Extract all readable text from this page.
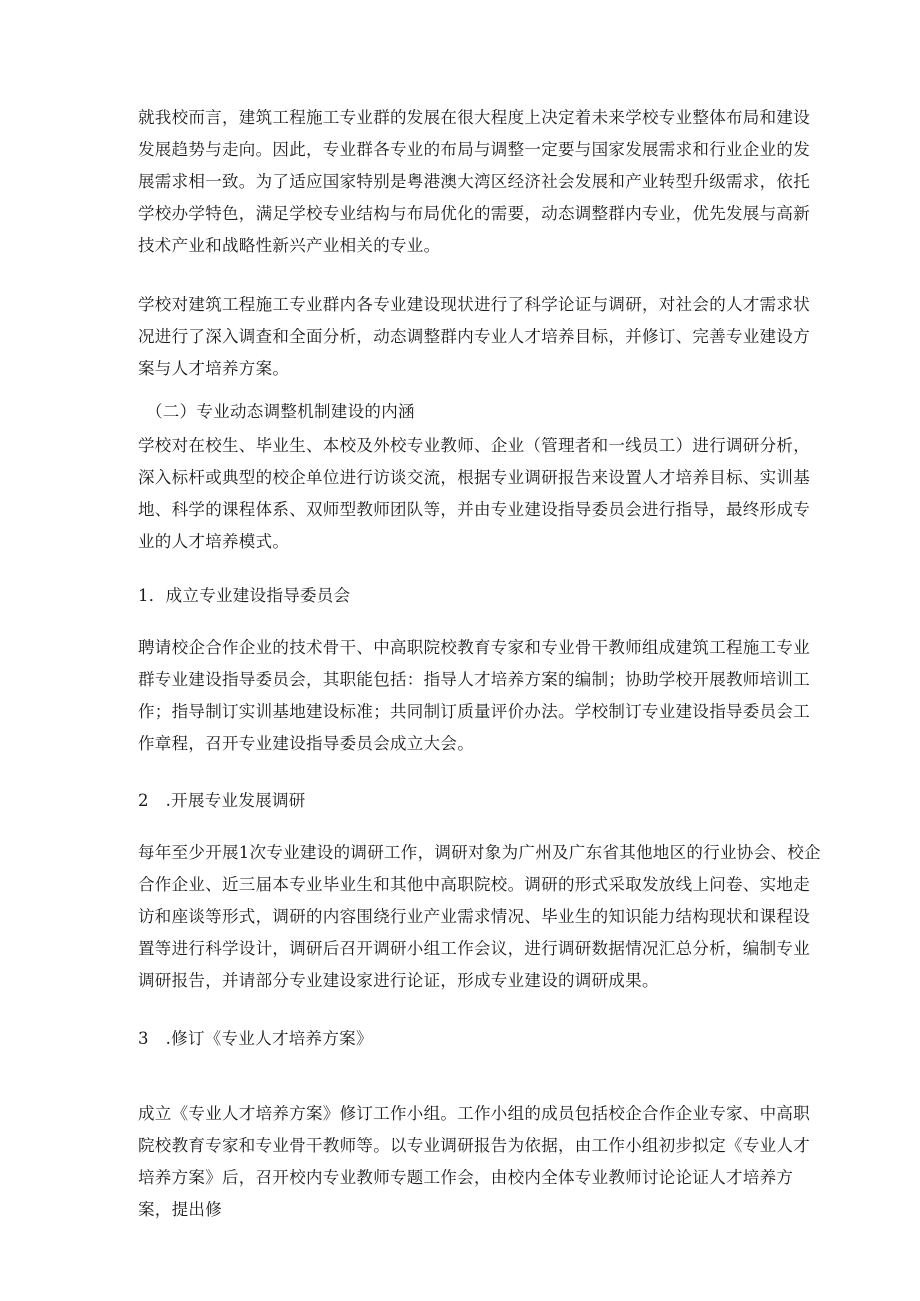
就我校而言，建筑工程施工专业群的发展在很大程度上决定着未来学校专业整体布局和建设发展趋势与走向。因此，专业群各专业的布局与调整一定要与国家发展需求和行业企业的发展需求相一致。为了适应国家特别是粤港澳大湾区经济社会发展和产业转型升级需求，依托学校办学特色，满足学校专业结构与布局优化的需要，动态调整群内专业，优先发展与高新技术产业和战略性新兴产业相关的专业。

学校对建筑工程施工专业群内各专业建设现状进行了科学论证与调研，对社会的人才需求状况进行了深入调查和全面分析，动态调整群内专业人才培养目标，并修订、完善专业建设方案与人才培养方案。

（二）专业动态调整机制建设的内涵

学校对在校生、毕业生、本校及外校专业教师、企业（管理者和一线员工）进行调研分析，深入标杆或典型的校企单位进行访谈交流，根据专业调研报告来设置人才培养目标、实训基地、科学的课程体系、双师型教师团队等，并由专业建设指导委员会进行指导，最终形成专业的人才培养模式。

1．成立专业建设指导委员会

聘请校企合作企业的技术骨干、中高职院校教育专家和专业骨干教师组成建筑工程施工专业群专业建设指导委员会，其职能包括：指导人才培养方案的编制；协助学校开展教师培训工作；指导制订实训基地建设标准；共同制订质量评价办法。学校制订专业建设指导委员会工作章程，召开专业建设指导委员会成立大会。

2　.开展专业发展调研

每年至少开展1次专业建设的调研工作，调研对象为广州及广东省其他地区的行业协会、校企合作企业、近三届本专业毕业生和其他中高职院校。调研的形式采取发放线上问卷、实地走访和座谈等形式，调研的内容围绕行业产业需求情况、毕业生的知识能力结构现状和课程设置等进行科学设计，调研后召开调研小组工作会议，进行调研数据情况汇总分析，编制专业调研报告，并请部分专业建设家进行论证，形成专业建设的调研成果。

3　.修订《专业人才培养方案》

成立《专业人才培养方案》修订工作小组。工作小组的成员包括校企合作企业专家、中高职院校教育专家和专业骨干教师等。以专业调研报告为依据，由工作小组初步拟定《专业人才培养方案》后，召开校内专业教师专题工作会，由校内全体专业教师讨论论证人才培养方案，提出修
